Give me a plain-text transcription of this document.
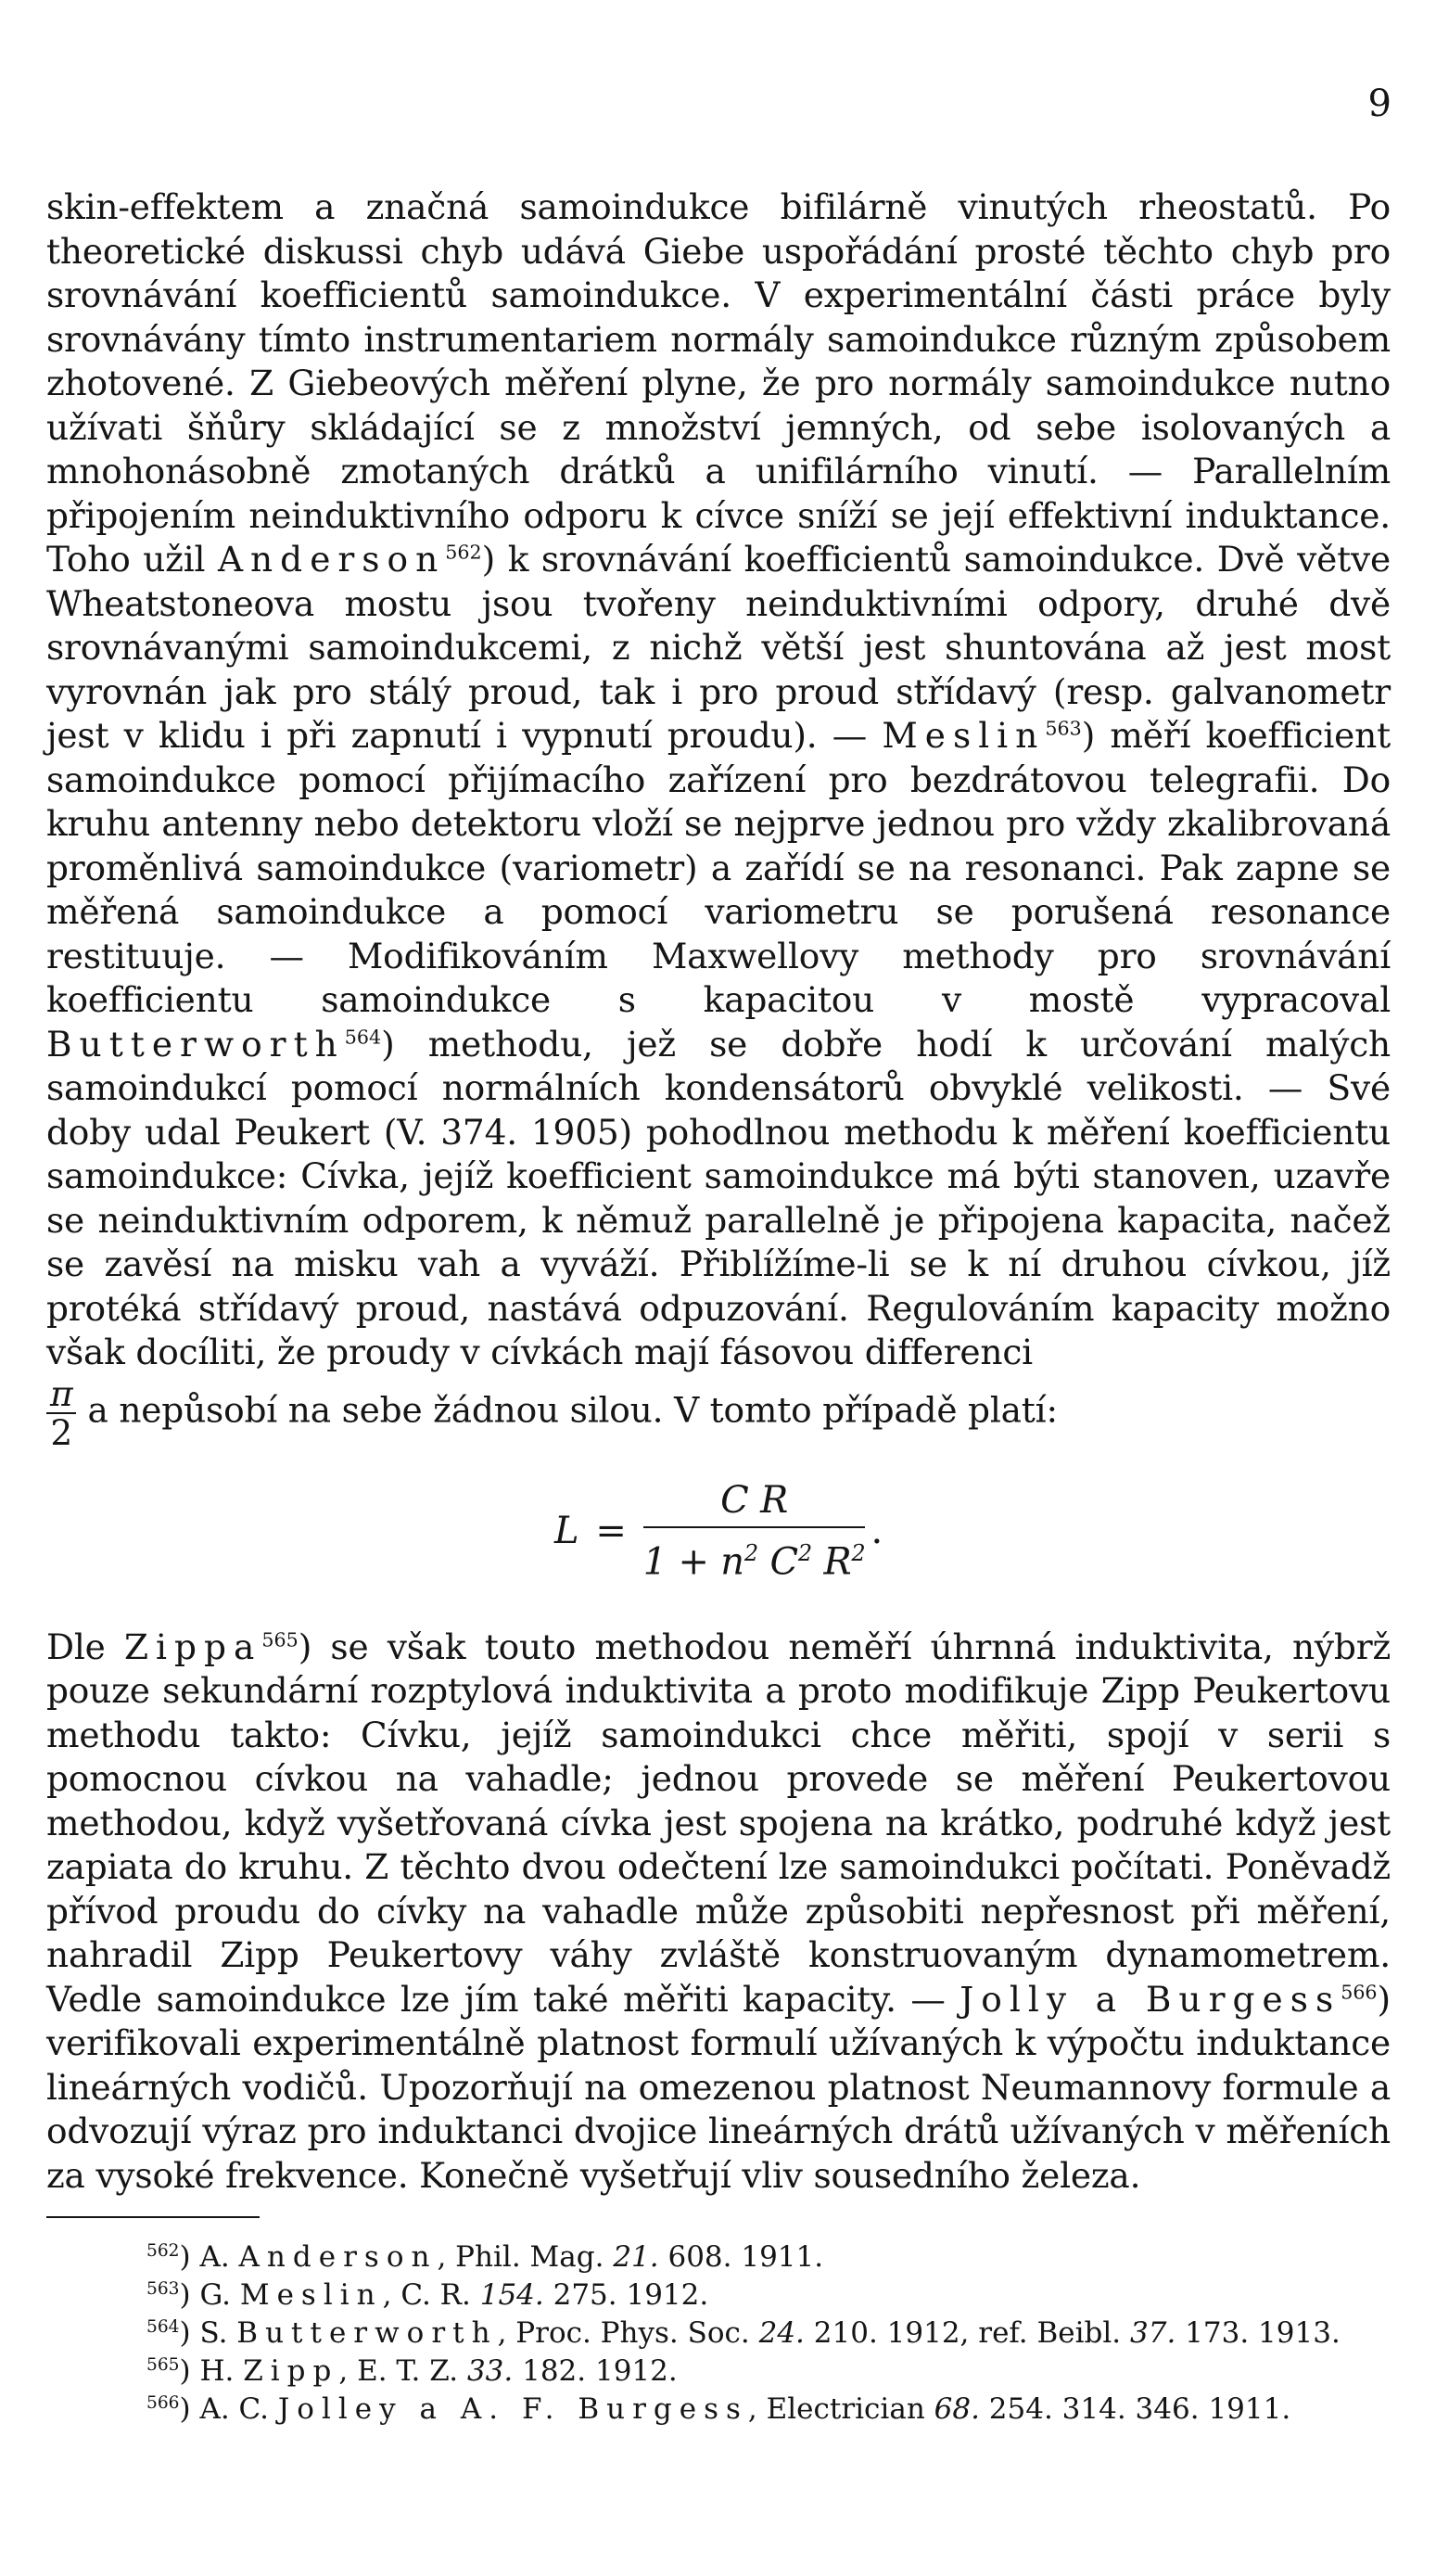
9

skin-effektem a značná samoindukce bifilárně vinutých rheostatů. Po theoretické diskussi chyb udává Giebe uspořádání prosté těchto chyb pro srovnávání koefficientů samoindukce. V experimentální části práce byly srovnávány tímto instrumentariem normály samoindukce různým způsobem zhotovené. Z Giebeových měření plyne, že pro normály samoindukce nutno užívati šňůry skládající se z množství jemných, od sebe isolovaných a mnohonásobně zmotaných drátků a unifilárního vinutí. — Parallelním připojením neinduktivního odporu k cívce sníží se její effektivní induktance. Toho užil Anderson$^{562}$) k srovnávání koefficientů samoindukce. Dvě větve Wheatstoneova mostu jsou tvořeny neinduktivními odpory, druhé dvě srovnávanými samoindukcemi, z nichž větší jest shuntována až jest most vyrovnán jak pro stálý proud, tak i pro proud střídavý (resp. galvanometr jest v klidu i při zapnutí i vypnutí proudu). — Meslin$^{563}$) měří koefficient samoindukce pomocí přijímacího zařízení pro bezdrátovou telegrafii. Do kruhu antenny nebo detektoru vloží se nejprve jednou pro vždy zkalibrovaná proměnlivá samoindukce (variometr) a zařídí se na resonanci. Pak zapne se měřená samoindukce a pomocí variometru se porušená resonance restituuje. — Modifikováním Maxwellovy methody pro srovnávání koefficientu samoindukce s kapacitou v mostě vypracoval Butterworth$^{564}$) methodu, jež se dobře hodí k určování malých samoindukcí pomocí normálních kondensátorů obvyklé velikosti. — Své doby udal Peukert (V. 374. 1905) pohodlnou methodu k měření koefficientu samoindukce: Cívka, jejíž koefficient samoindukce má býti stanoven, uzavře se neinduktivním odporem, k němuž parallelně je připojena kapacita, načež se zavěsí na misku vah a vyváží. Přiblížíme-li se k ní druhou cívkou, jíž protéká střídavý proud, nastává odpuzování. Regulováním kapacity možno však docíliti, že proudy v cívkách mají fásovou differenci

$\frac{\pi}{2}$ a nepůsobí na sebe žádnou silou. V tomto případě platí:

$L = \frac{\text{C R}}{1 + n^2 C^2 R^2}$ .

Dle Zippa$^{565}$) se však touto methodou neměří úhrnná induktivita, nýbrž pouze sekundární rozptylová induktivita a proto modifikuje Zipp Peukertovu methodu takto: Cívku, jejíž samoindukci chce měřiti, spojí v serii s pomocnou cívkou na vahadle; jednou provede se měření Peukertovou methodou, když vyšetřovaná cívka jest spojena na krátko, podruhé když jest zapiata do kruhu. Z těchto dvou odečtení lze samoindukci počítati. Poněvadž přívod proudu do cívky na vahadle může způsobiti nepřesnost při měření, nahradil Zipp Peukertovy váhy zvláště konstruovaným dynamometrem. Vedle samoindukce lze jím také měřiti kapacity. — Jolly a Burgess$^{566}$) verifikovali experimentálně platnost formulí užívaných k výpočtu induktance lineárných vodičů. Upozorňují na omezenou platnost Neumannovy formule a odvozují výraz pro induktanci dvojice lineárných drátů užívaných v měřeních za vysoké frekvence. Konečně vyšetřují vliv sousedního železa.

$^{562}$) A. Anderson, Phil. Mag. 21. 608. 1911.

$^{563}$) G. Meslin, C. R. 154. 275. 1912.

$^{564}$) S. Butterworth, Proc. Phys. Soc. 24. 210. 1912, ref. Beibl. 37. 173. 1913.

$^{565}$) H. Zipp, E. T. Z. 33. 182. 1912.

$^{566}$) A. C. Jolley a A. F. Burgess, Electrician 68. 254. 314. 346. 1911.
